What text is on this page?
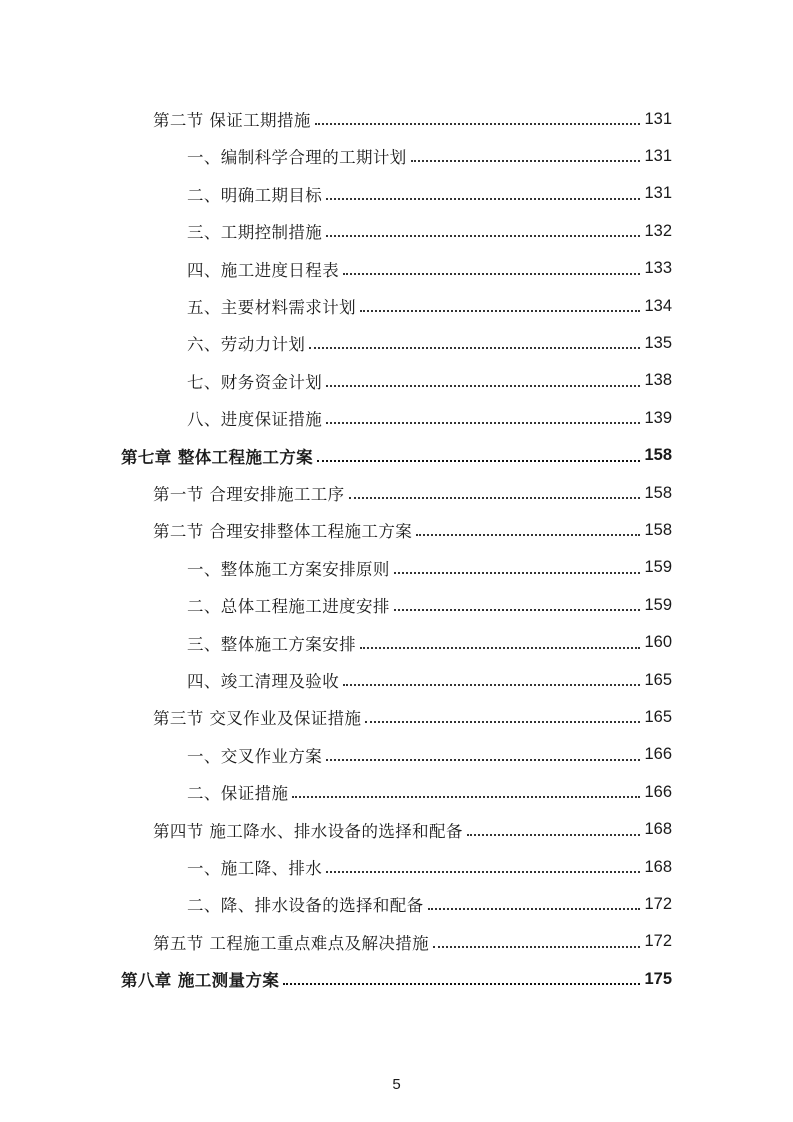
第二节 保证工期措施	131
一、编制科学合理的工期计划	131
二、明确工期目标	131
三、工期控制措施	132
四、施工进度日程表	133
五、主要材料需求计划	134
六、劳动力计划	135
七、财务资金计划	138
八、进度保证措施	139
第七章 整体工程施工方案	158
第一节 合理安排施工工序	158
第二节 合理安排整体工程施工方案	158
一、整体施工方案安排原则	159
二、总体工程施工进度安排	159
三、整体施工方案安排	160
四、竣工清理及验收	165
第三节 交叉作业及保证措施	165
一、交叉作业方案	166
二、保证措施	166
第四节 施工降水、排水设备的选择和配备	168
一、施工降、排水	168
二、降、排水设备的选择和配备	172
第五节 工程施工重点难点及解决措施	172
第八章 施工测量方案	175
5
